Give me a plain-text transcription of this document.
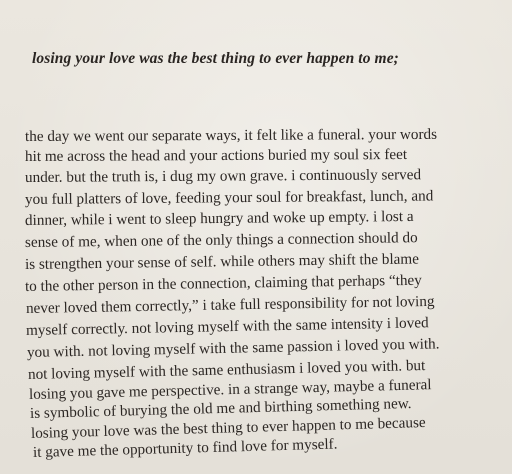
losing your love was the best thing to ever happen to me;

the day we went our separate ways, it felt like a funeral. your words
hit me across the head and your actions buried my soul six feet
under. but the truth is, i dug my own grave. i continuously served
you full platters of love, feeding your soul for breakfast, lunch, and
dinner, while i went to sleep hungry and woke up empty. i lost a
sense of me, when one of the only things a connection should do
is strengthen your sense of self. while others may shift the blame
to the other person in the connection, claiming that perhaps “they
never loved them correctly,” i take full responsibility for not loving
myself correctly. not loving myself with the same intensity i loved
you with. not loving myself with the same passion i loved you with.
not loving myself with the same enthusiasm i loved you with. but
losing you gave me perspective. in a strange way, maybe a funeral
is symbolic of burying the old me and birthing something new.
losing your love was the best thing to ever happen to me because
it gave me the opportunity to find love for myself.
